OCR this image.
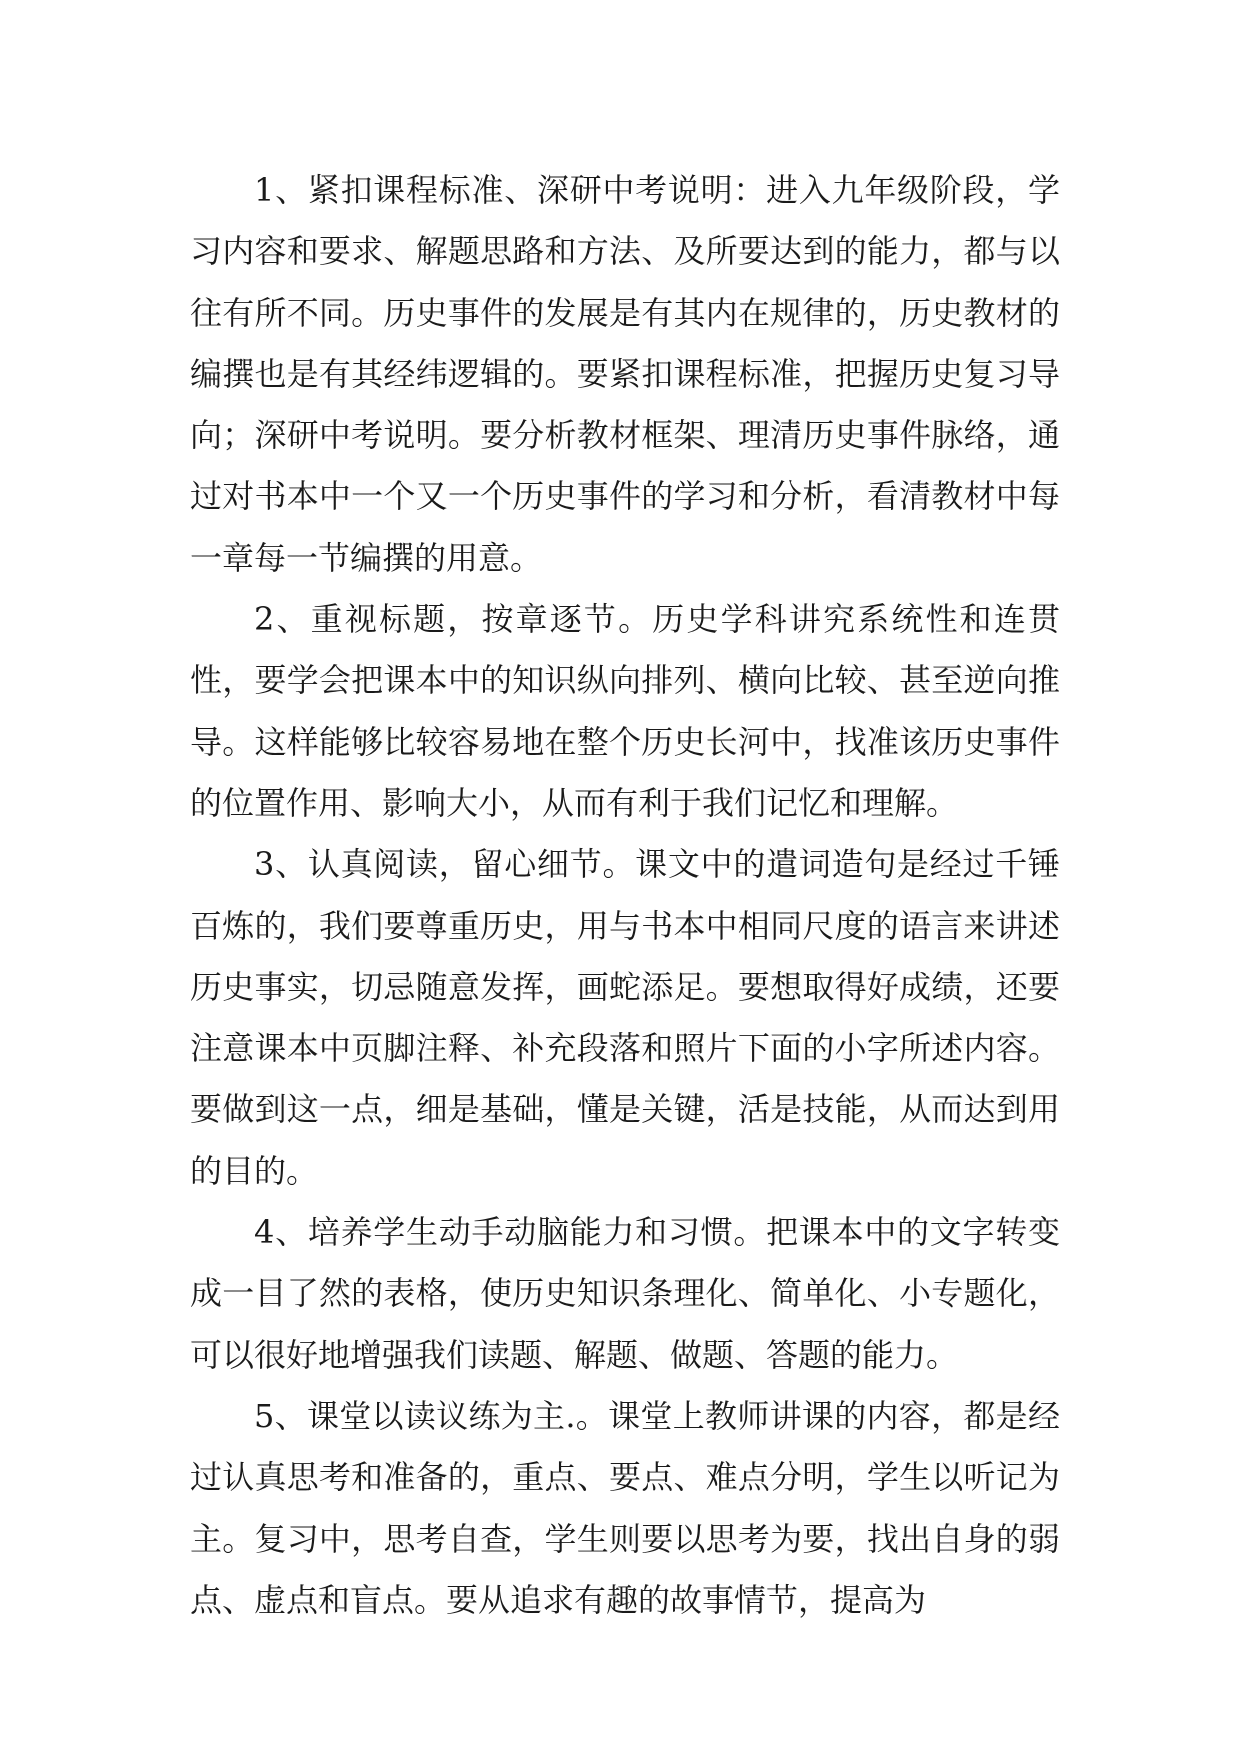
1、紧扣课程标准、深研中考说明：进入九年级阶段，学习内容和要求、解题思路和方法、及所要达到的能力，都与以往有所不同。历史事件的发展是有其内在规律的，历史教材的编撰也是有其经纬逻辑的。要紧扣课程标准，把握历史复习导向；深研中考说明。要分析教材框架、理清历史事件脉络，通过对书本中一个又一个历史事件的学习和分析，看清教材中每一章每一节编撰的用意。

2、重视标题，按章逐节。历史学科讲究系统性和连贯性，要学会把课本中的知识纵向排列、横向比较、甚至逆向推导。这样能够比较容易地在整个历史长河中，找准该历史事件的位置作用、影响大小，从而有利于我们记忆和理解。

3、认真阅读，留心细节。课文中的遣词造句是经过千锤百炼的，我们要尊重历史，用与书本中相同尺度的语言来讲述历史事实，切忌随意发挥，画蛇添足。要想取得好成绩，还要注意课本中页脚注释、补充段落和照片下面的小字所述内容。要做到这一点，细是基础，懂是关键，活是技能，从而达到用的目的。

4、培养学生动手动脑能力和习惯。把课本中的文字转变成一目了然的表格，使历史知识条理化、简单化、小专题化，可以很好地增强我们读题、解题、做题、答题的能力。

5、课堂以读议练为主.。课堂上教师讲课的内容，都是经过认真思考和准备的，重点、要点、难点分明，学生以听记为主。复习中，思考自查，学生则要以思考为要，找出自身的弱点、虚点和盲点。要从追求有趣的故事情节，提高为
